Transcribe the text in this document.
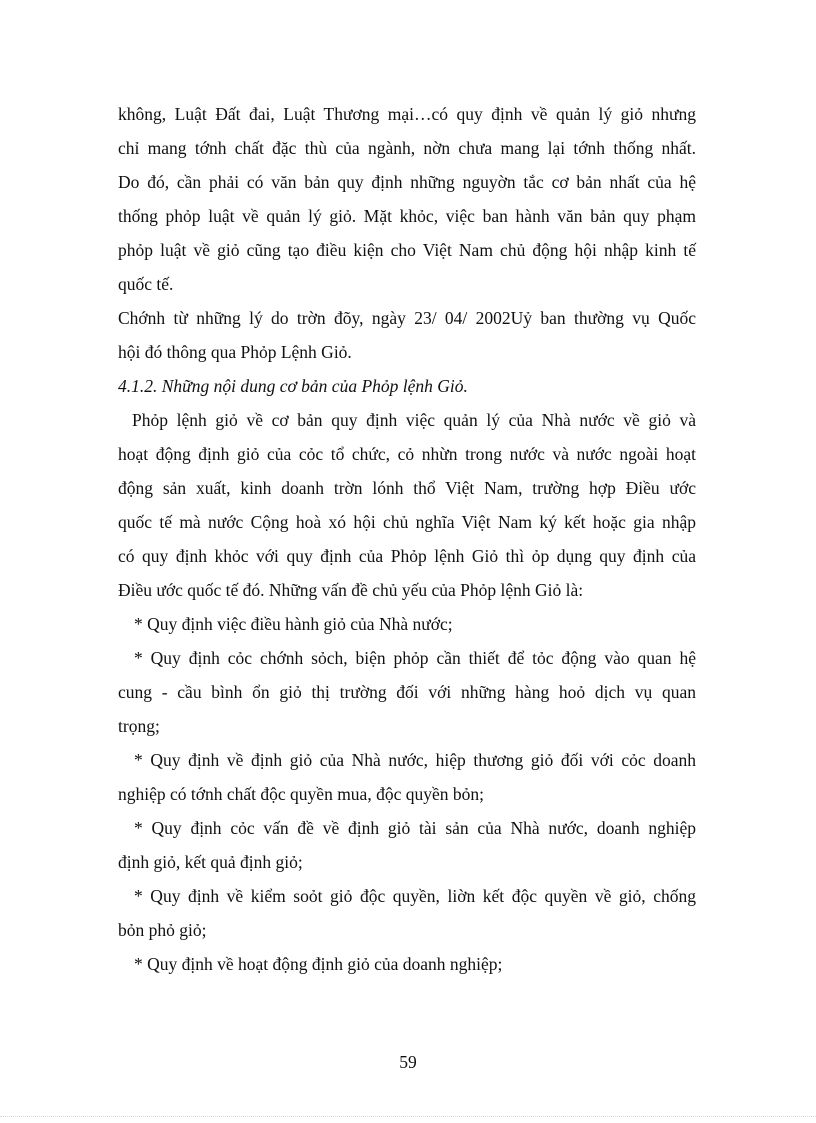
không, Luật Đất đai, Luật Thương mại…có quy định về quản lý giỏ nhưng
chỉ mang tớnh chất đặc thù của ngành, nờn chưa mang lại tớnh thống nhất.
Do đó, cần phải có văn bản quy định những nguyờn tắc cơ bản nhất của hệ
thống phỏp luật về quản lý giỏ. Mặt khỏc, việc ban hành văn bản quy phạm
phỏp luật về giỏ cũng tạo điều kiện cho Việt Nam chủ động hội nhập kinh tế
quốc tế.
Chớnh từ những lý do trờn đõy, ngày 23/ 04/ 2002Uỷ ban thường vụ Quốc
hội đó thông qua Phỏp Lệnh Giỏ.
4.1.2. Những nội dung cơ bản của Phỏp lệnh Giỏ.
Phỏp lệnh giỏ về cơ bản quy định việc quản lý của Nhà nước về giỏ và
hoạt động định giỏ của cỏc tổ chức, cỏ nhừn trong nước và nước ngoài hoạt
động sản xuất, kinh doanh trờn lónh thổ Việt Nam, trường hợp Điều ước
quốc tế mà nước Cộng hoà xó hội chủ nghĩa Việt Nam ký kết hoặc gia nhập
có quy định khỏc với quy định của Phỏp lệnh Giỏ thì ỏp dụng quy định của
Điều ước quốc tế đó. Những vấn đề chủ yếu của Phỏp lệnh Giỏ là:
* Quy định việc điều hành giỏ của Nhà nước;
* Quy định cỏc chớnh sỏch, biện phỏp cần thiết để tỏc động vào quan hệ
cung - cầu bình ổn giỏ thị trường đối với những hàng hoỏ dịch vụ quan
trọng;
* Quy định về định giỏ của Nhà nước, hiệp thương giỏ đối với cỏc doanh
nghiệp có tớnh chất độc quyền mua, độc quyền bỏn;
* Quy định cỏc vấn đề về định giỏ tài sản của Nhà nước, doanh nghiệp
định giỏ, kết quả định giỏ;
* Quy định về kiểm soỏt giỏ độc quyền, liờn kết độc quyền về giỏ, chống
bỏn phỏ giỏ;
* Quy định về hoạt động định giỏ của doanh nghiệp;
59
